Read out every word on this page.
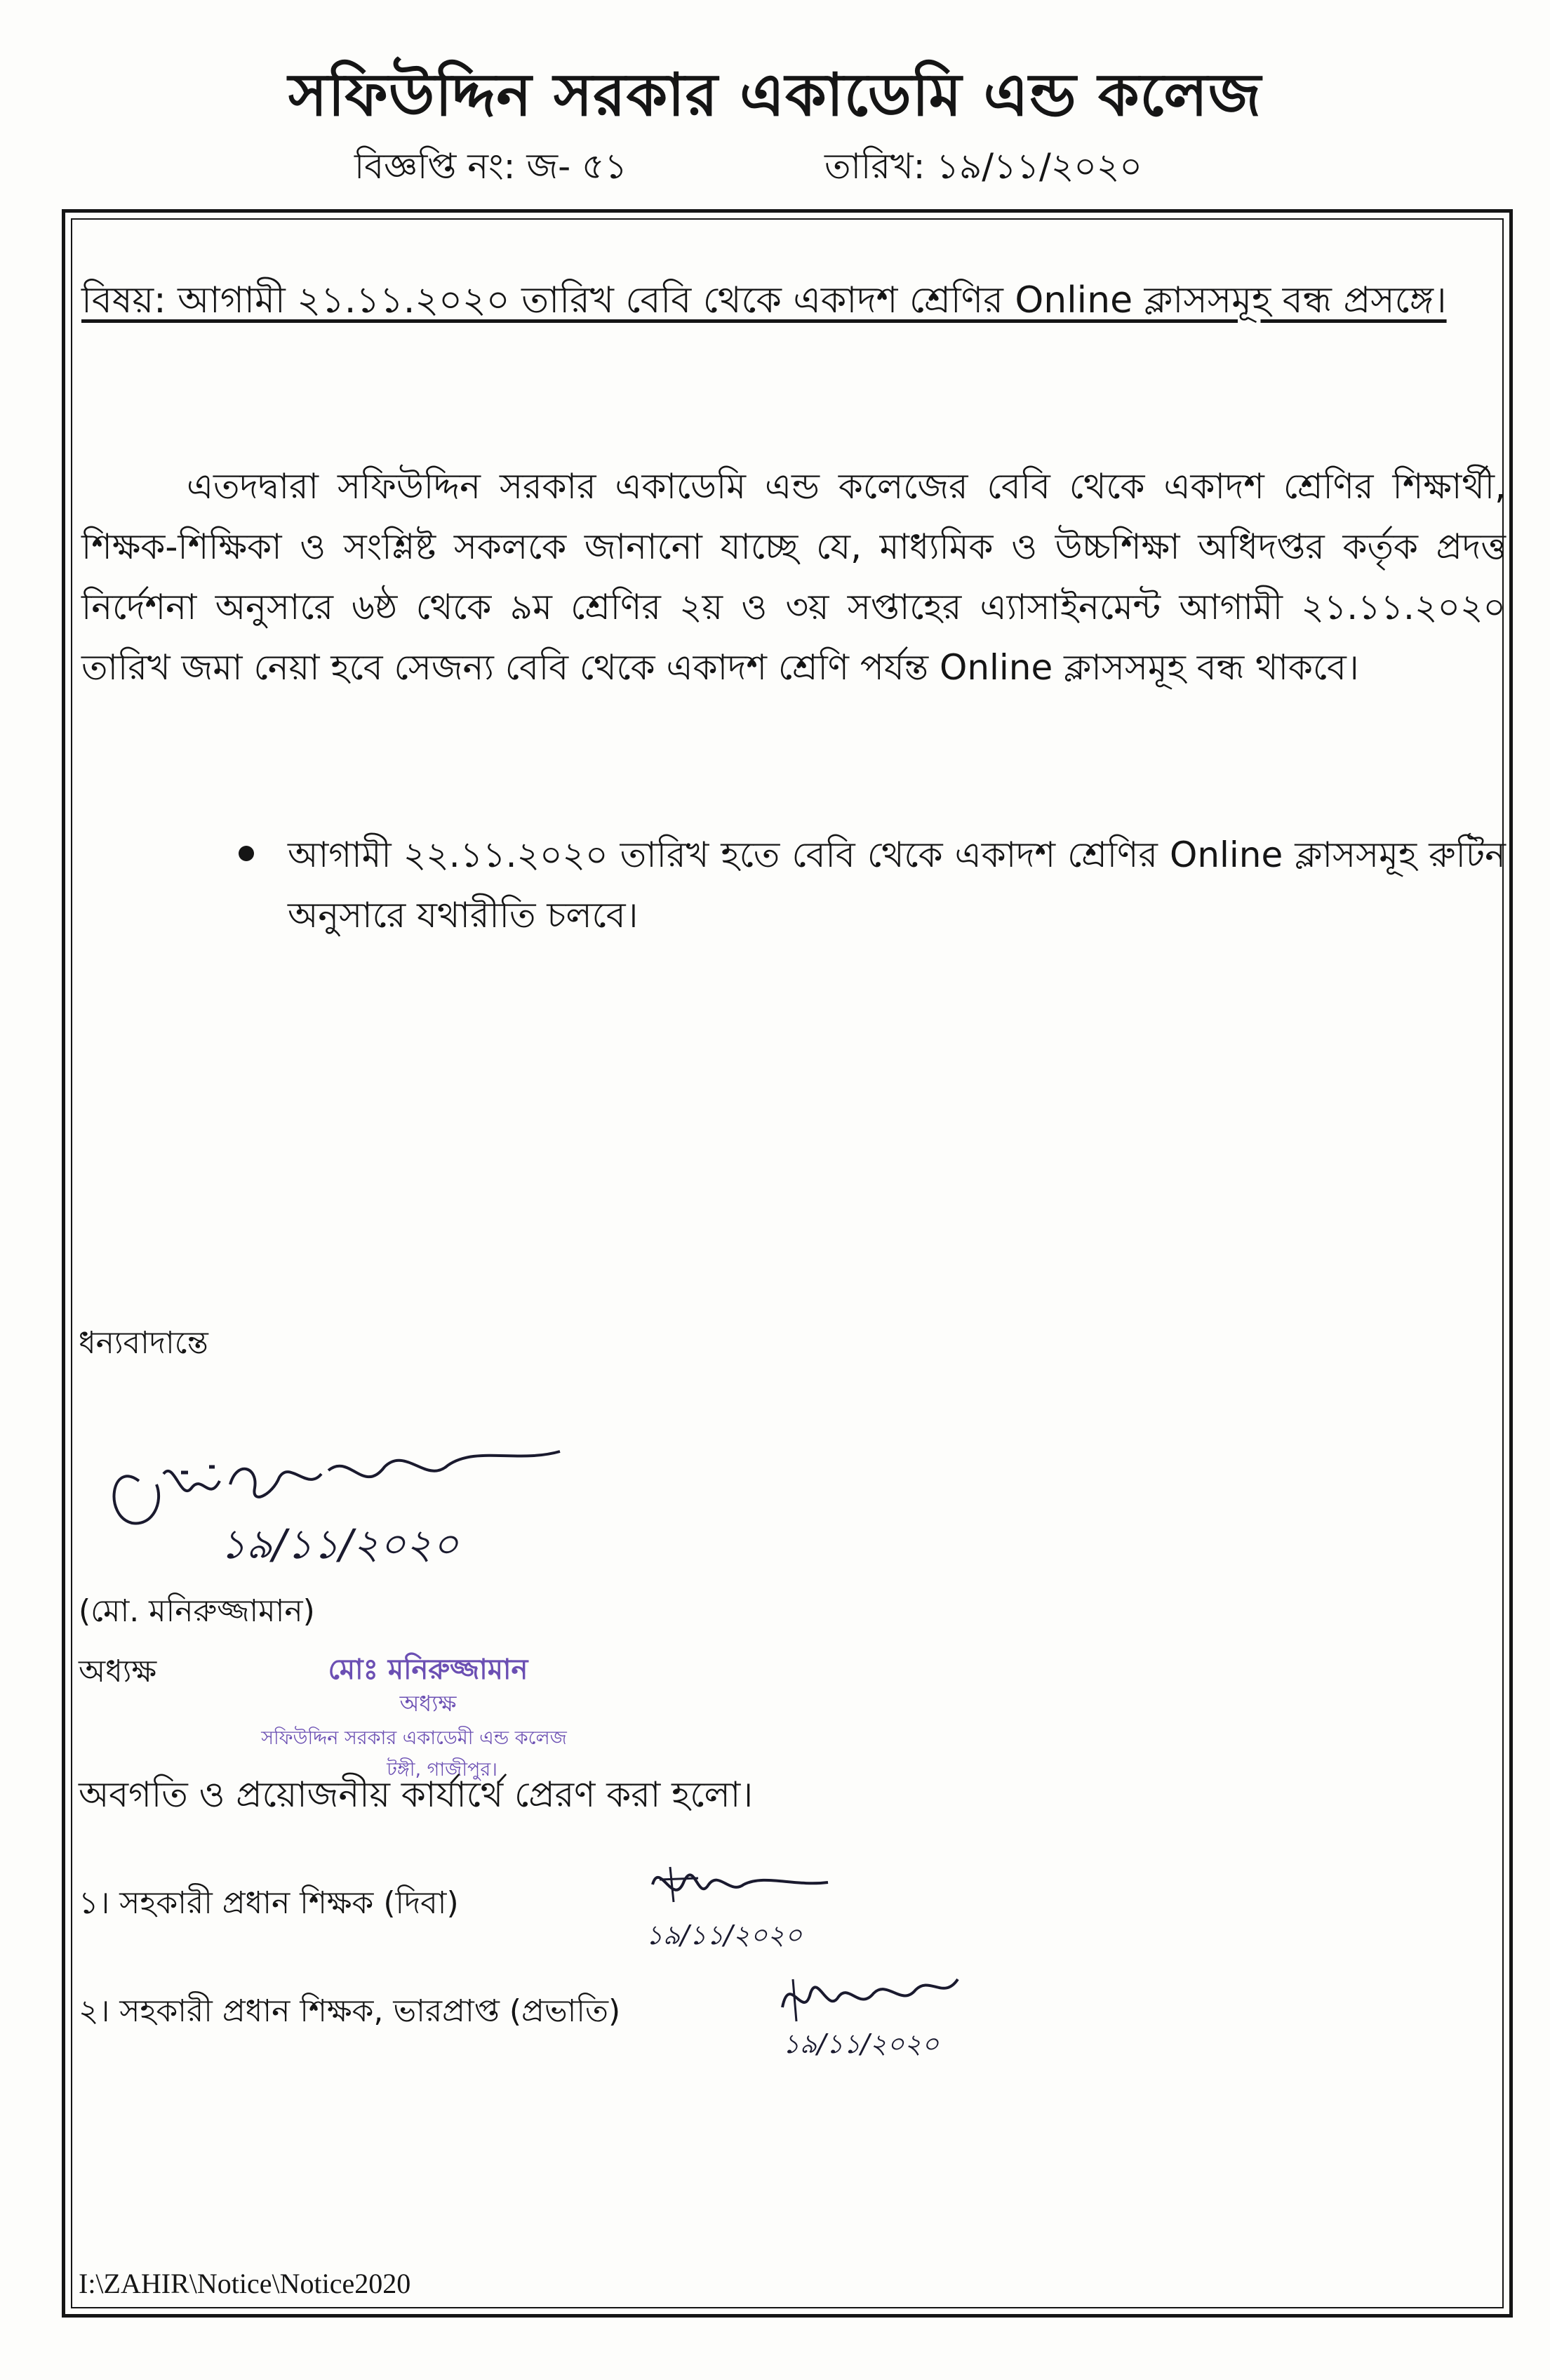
সফিউদ্দিন সরকার একাডেমি এন্ড কলেজ
বিজ্ঞপ্তি নং: জ- ৫১	তারিখ: ১৯/১১/২০২০
বিষয়: আগামী ২১.১১.২০২০ তারিখ বেবি থেকে একাদশ শ্রেণির Online ক্লাসসমূহ বন্ধ প্রসঙ্গে।
এতদদ্বারা সফিউদ্দিন সরকার একাডেমি এন্ড কলেজের বেবি থেকে একাদশ শ্রেণির শিক্ষার্থী, শিক্ষক-শিক্ষিকা ও সংশ্লিষ্ট সকলকে জানানো যাচ্ছে যে, মাধ্যমিক ও উচ্চশিক্ষা অধিদপ্তর কর্তৃক প্রদত্ত নির্দেশনা অনুসারে ৬ষ্ঠ থেকে ৯ম শ্রেণির ২য় ও ৩য় সপ্তাহের এ্যাসাইনমেন্ট আগামী ২১.১১.২০২০ তারিখ জমা নেয়া হবে সেজন্য বেবি থেকে একাদশ শ্রেণি পর্যন্ত Online ক্লাসসমূহ বন্ধ থাকবে।
আগামী ২২.১১.২০২০ তারিখ হতে বেবি থেকে একাদশ শ্রেণির Online ক্লাসসমূহ রুটিন অনুসারে যথারীতি চলবে।
ধন্যবাদান্তে
১৯/১১/২০২০
(মো. মনিরুজ্জামান)
অধ্যক্ষ	মোঃ মনিরুজ্জামান
অধ্যক্ষ
সফিউদ্দিন সরকার একাডেমী এন্ড কলেজ
টঙ্গী, গাজীপুর।
অবগতি ও প্রয়োজনীয় কার্যার্থে প্রেরণ করা হলো।
১। সহকারী প্রধান শিক্ষক (দিবা)
২। সহকারী প্রধান শিক্ষক, ভারপ্রাপ্ত (প্রভাতি)
১৯/১১/২০২০
১৯/১১/২০২০
I:\ZAHIR\Notice\Notice2020
